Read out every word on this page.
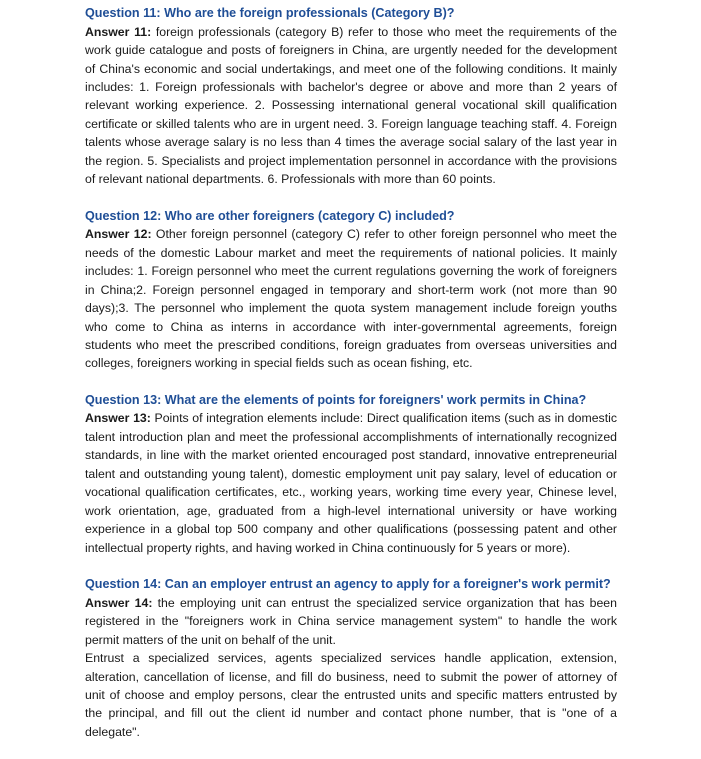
Question 11: Who are the foreign professionals (Category B)?

Answer 11: foreign professionals (category B) refer to those who meet the requirements of the work guide catalogue and posts of foreigners in China, are urgently needed for the development of China's economic and social undertakings, and meet one of the following conditions. It mainly includes: 1. Foreign professionals with bachelor's degree or above and more than 2 years of relevant working experience. 2. Possessing international general vocational skill qualification certificate or skilled talents who are in urgent need. 3. Foreign language teaching staff. 4. Foreign talents whose average salary is no less than 4 times the average social salary of the last year in the region. 5. Specialists and project implementation personnel in accordance with the provisions of relevant national departments. 6. Professionals with more than 60 points.

Question 12: Who are other foreigners (category C) included?

Answer 12: Other foreign personnel (category C) refer to other foreign personnel who meet the needs of the domestic Labour market and meet the requirements of national policies. It mainly includes: 1. Foreign personnel who meet the current regulations governing the work of foreigners in China;2. Foreign personnel engaged in temporary and short-term work (not more than 90 days);3. The personnel who implement the quota system management include foreign youths who come to China as interns in accordance with inter-governmental agreements, foreign students who meet the prescribed conditions, foreign graduates from overseas universities and colleges, foreigners working in special fields such as ocean fishing, etc.

Question 13: What are the elements of points for foreigners' work permits in China?

Answer 13: Points of integration elements include: Direct qualification items (such as in domestic talent introduction plan and meet the professional accomplishments of internationally recognized standards, in line with the market oriented encouraged post standard, innovative entrepreneurial talent and outstanding young talent), domestic employment unit pay salary, level of education or vocational qualification certificates, etc., working years, working time every year, Chinese level, work orientation, age, graduated from a high-level international university or have working experience in a global top 500 company and other qualifications (possessing patent and other intellectual property rights, and having worked in China continuously for 5 years or more).

Question 14: Can an employer entrust an agency to apply for a foreigner's work permit?

Answer 14: the employing unit can entrust the specialized service organization that has been registered in the "foreigners work in China service management system" to handle the work permit matters of the unit on behalf of the unit.

Entrust a specialized services, agents specialized services handle application, extension, alteration, cancellation of license, and fill do business, need to submit the power of attorney of unit of choose and employ persons, clear the entrusted units and specific matters entrusted by the principal, and fill out the client id number and contact phone number, that is "one of a delegate".
